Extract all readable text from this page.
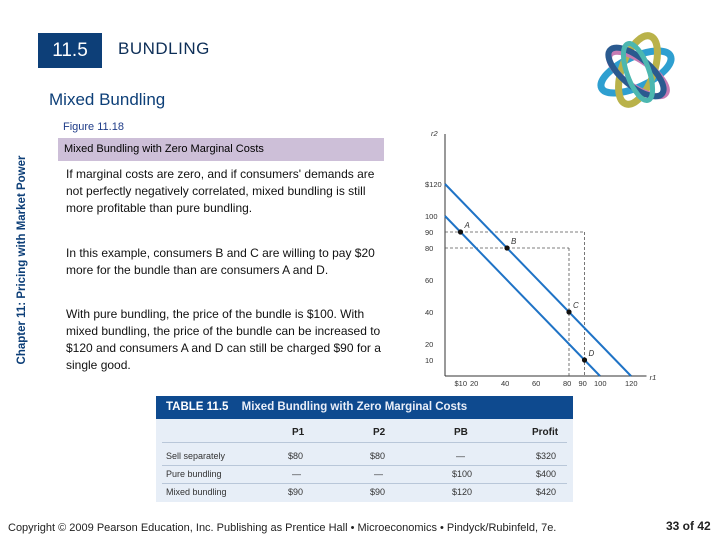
11.5	BUNDLING
Mixed Bundling
Figure 11.18
Mixed Bundling with Zero Marginal Costs
If marginal costs are zero, and if consumers' demands are not perfectly negatively correlated, mixed bundling is still more profitable than pure bundling.
In this example, consumers B and C are willing to pay $20 more for the bundle than are consumers A and D.
With pure bundling, the price of the bundle is $100. With mixed bundling, the price of the bundle can be increased to $120 and consumers A and D can still be charged $90 for a single good.
Chapter 11: Pricing with Market Power
r2
r1
$120
100
90
80
60
40
20
10
$10 20	40	60	80 90 100 120
A
B
C
D
TABLE 11.5 Mixed Bundling with Zero Marginal Costs
P1	P2	PB	Profit
Sell separately	$80	$80	—	$320
Pure bundling	—	—	$100	$400
Mixed bundling	$90	$90	$120	$420
Copyright © 2009 Pearson Education, Inc. Publishing as Prentice Hall • Microeconomics • Pindyck/Rubinfeld, 7e.	33 of 42
